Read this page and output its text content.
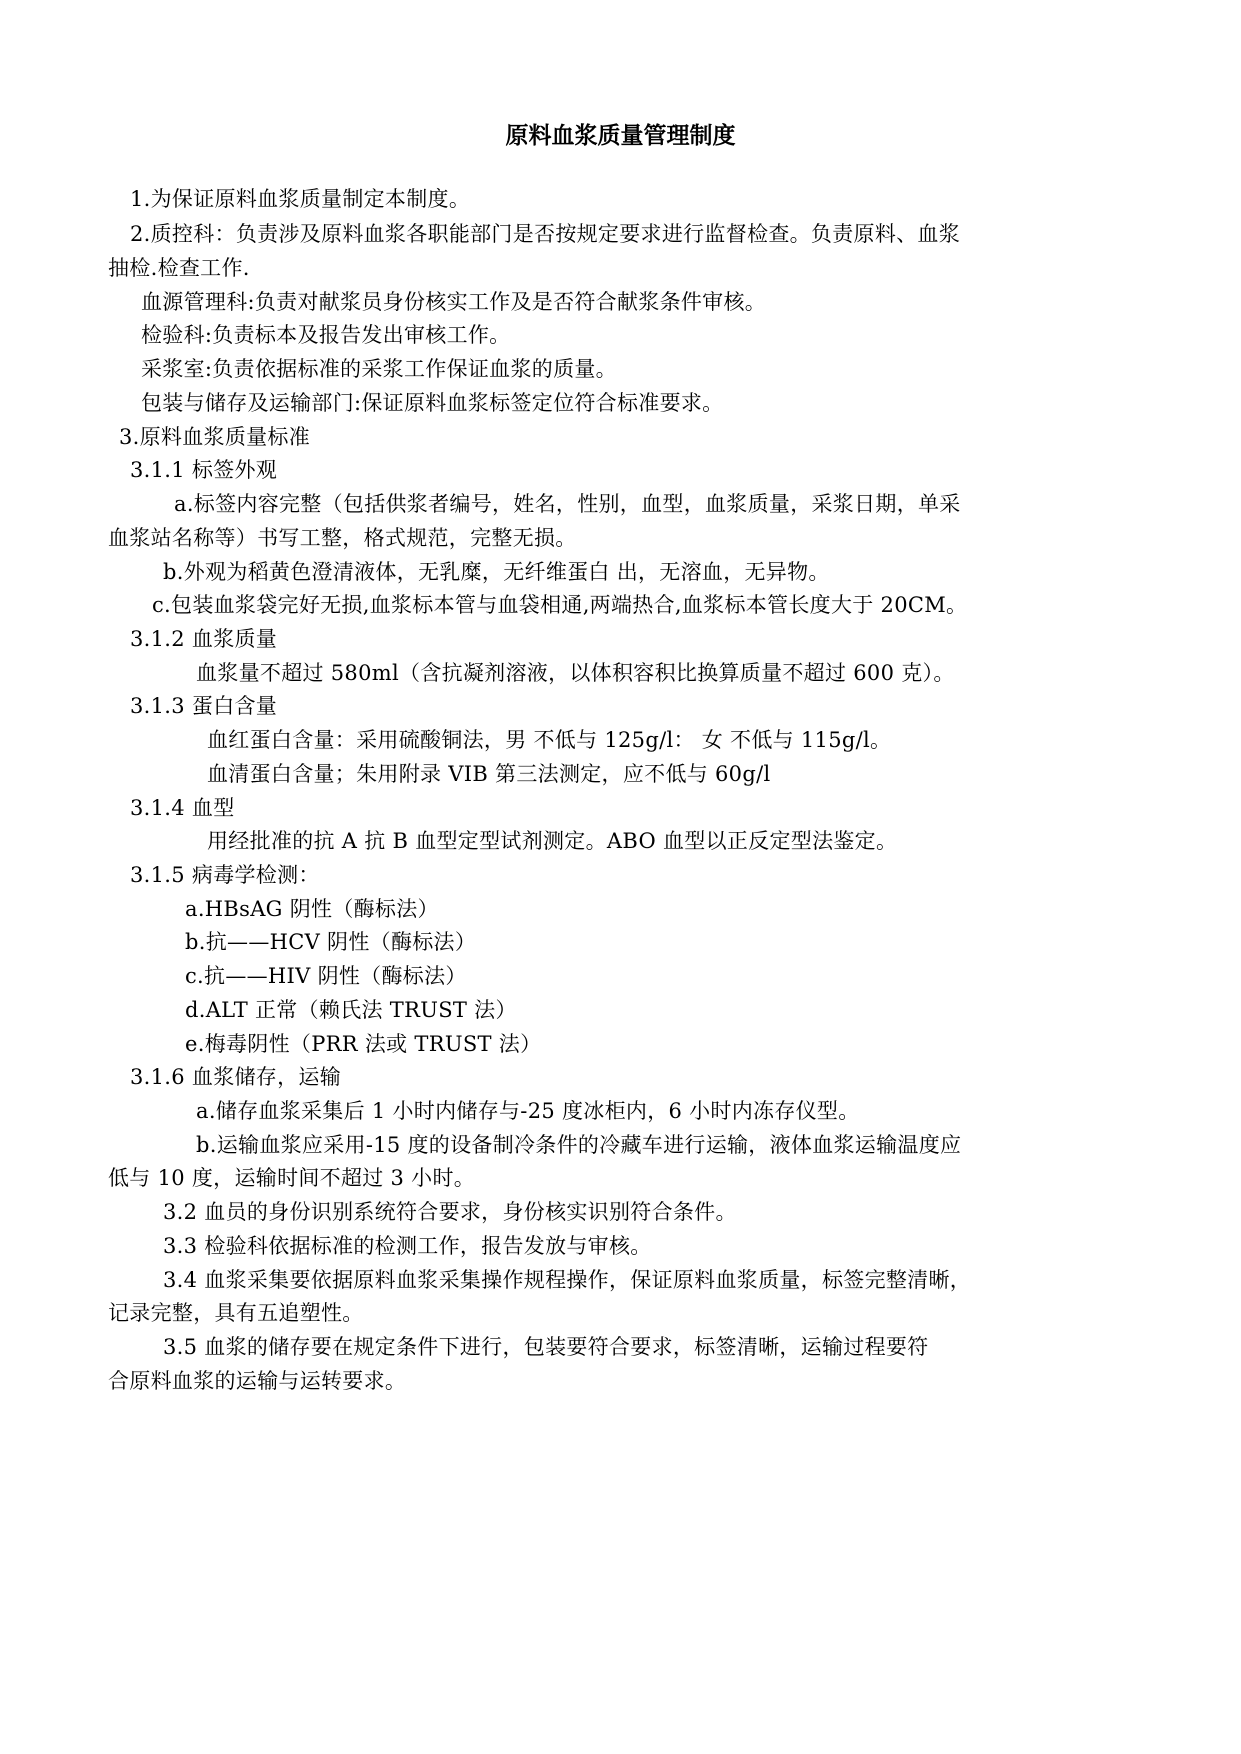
原料血浆质量管理制度
1.为保证原料血浆质量制定本制度。
2.质控科：负责涉及原料血浆各职能部门是否按规定要求进行监督检查。负责原料、血浆
抽检.检查工作.
血源管理科:负责对献浆员身份核实工作及是否符合献浆条件审核。
检验科:负责标本及报告发出审核工作。
采浆室:负责依据标准的采浆工作保证血浆的质量。
包装与储存及运输部门:保证原料血浆标签定位符合标准要求。
3.原料血浆质量标准
3.1.1 标签外观
a.标签内容完整（包括供浆者编号，姓名，性别，血型，血浆质量，采浆日期，单采
血浆站名称等）书写工整，格式规范，完整无损。
b.外观为稻黄色澄清液体，无乳糜，无纤维蛋白 出，无溶血，无异物。
c.包装血浆袋完好无损,血浆标本管与血袋相通,两端热合,血浆标本管长度大于 20CM。
3.1.2 血浆质量
血浆量不超过 580ml（含抗凝剂溶液，以体积容积比换算质量不超过 600 克）。
3.1.3 蛋白含量
血红蛋白含量：采用硫酸铜法，男 不低与 125g/l： 女 不低与 115g/l。
血清蛋白含量；朱用附录 VIB 第三法测定，应不低与 60g/l
3.1.4 血型
用经批准的抗 A 抗 B 血型定型试剂测定。ABO 血型以正反定型法鉴定。
3.1.5 病毒学检测：
a.HBsAG 阴性（酶标法）
b.抗——HCV 阴性（酶标法）
c.抗——HIV 阴性（酶标法）
d.ALT 正常（赖氏法 TRUST 法）
e.梅毒阴性（PRR 法或 TRUST 法）
3.1.6 血浆储存，运输
a.储存血浆采集后 1 小时内储存与-25 度冰柜内，6 小时内冻存仪型。
b.运输血浆应采用-15 度的设备制冷条件的冷藏车进行运输，液体血浆运输温度应
低与 10 度，运输时间不超过 3 小时。
3.2 血员的身份识别系统符合要求，身份核实识别符合条件。
3.3 检验科依据标准的检测工作，报告发放与审核。
3.4 血浆采集要依据原料血浆采集操作规程操作，保证原料血浆质量，标签完整清晰，
记录完整，具有五追塑性。
3.5 血浆的储存要在规定条件下进行，包装要符合要求，标签清晰，运输过程要符
合原料血浆的运输与运转要求。
